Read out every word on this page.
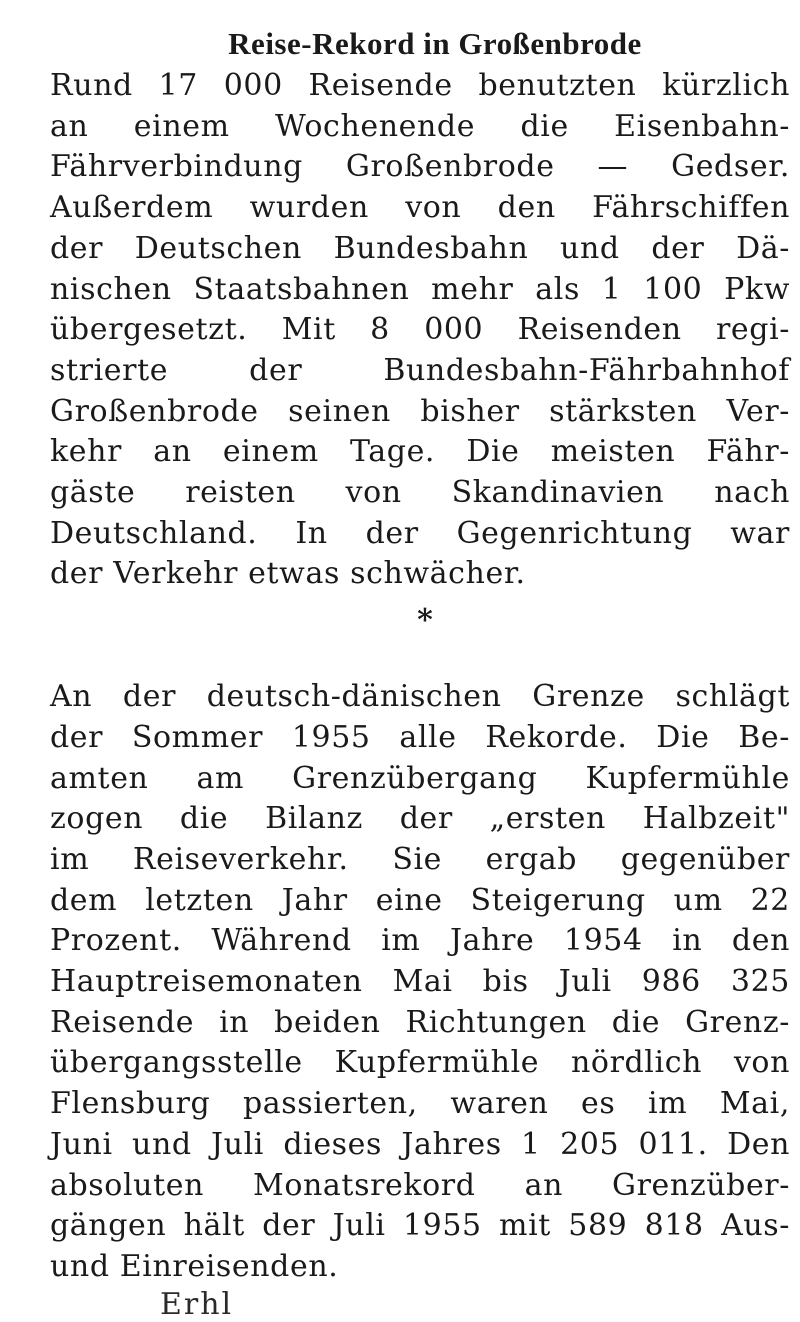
Reise-Rekord in Großenbrode

Rund 17 000 Reisende benutzten kürzlich
an einem Wochenende die Eisenbahn-
Fährverbindung Großenbrode — Gedser.
Außerdem wurden von den Fährschiffen
der Deutschen Bundesbahn und der Dä-
nischen Staatsbahnen mehr als 1 100 Pkw
übergesetzt. Mit 8 000 Reisenden regi-
strierte der Bundesbahn-Fährbahnhof
Großenbrode seinen bisher stärksten Ver-
kehr an einem Tage. Die meisten Fähr-
gäste reisten von Skandinavien nach
Deutschland. In der Gegenrichtung war
der Verkehr etwas schwächer.

*

An der deutsch-dänischen Grenze schlägt
der Sommer 1955 alle Rekorde. Die Be-
amten am Grenzübergang Kupfermühle
zogen die Bilanz der „ersten Halbzeit"
im Reiseverkehr. Sie ergab gegenüber
dem letzten Jahr eine Steigerung um 22
Prozent. Während im Jahre 1954 in den
Hauptreisemonaten Mai bis Juli 986 325
Reisende in beiden Richtungen die Grenz-
übergangsstelle Kupfermühle nördlich von
Flensburg passierten, waren es im Mai,
Juni und Juli dieses Jahres 1 205 011. Den
absoluten Monatsrekord an Grenzüber-
gängen hält der Juli 1955 mit 589 818 Aus-
und Einreisenden.

Erhl
